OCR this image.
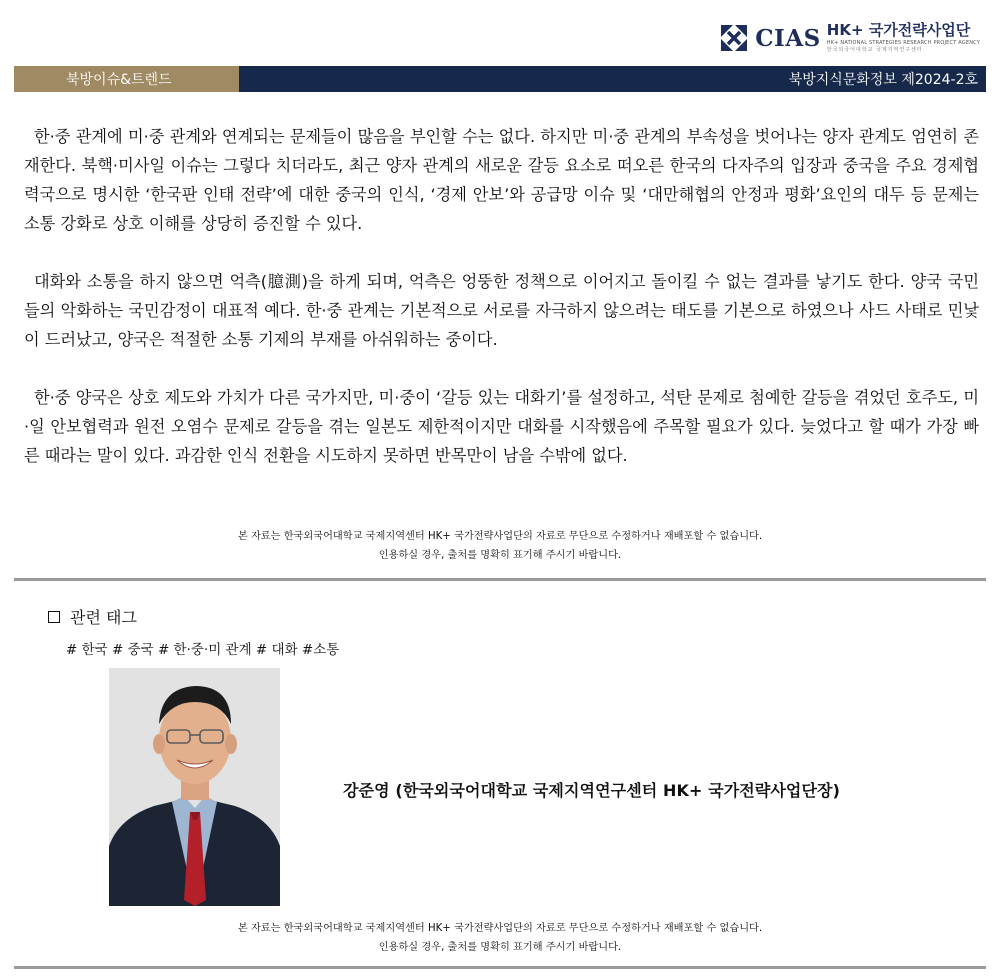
CIAS HK+ 국가전략사업단
HK+ NATIONAL STRATEGIES RESEARCH PROJECT AGENCY
한국외국어대학교 국제지역연구센터
북방이슈&트렌드	북방지식문화정보 제2024-2호

한·중 관계에 미·중 관계와 연계되는 문제들이 많음을 부인할 수는 없다. 하지만 미·중 관계의 부속성을 벗어나는 양자 관계도 엄연히 존재한다. 북핵·미사일 이슈는 그렇다 치더라도, 최근 양자 관계의 새로운 갈등 요소로 떠오른 한국의 다자주의 입장과 중국을 주요 경제협력국으로 명시한 ‘한국판 인태 전략’에 대한 중국의 인식, ‘경제 안보’와 공급망 이슈 및 ‘대만해협의 안정과 평화’요인의 대두 등 문제는 소통 강화로 상호 이해를 상당히 증진할 수 있다.

대화와 소통을 하지 않으면 억측(臆測)을 하게 되며, 억측은 엉뚱한 정책으로 이어지고 돌이킬 수 없는 결과를 낳기도 한다. 양국 국민들의 악화하는 국민감정이 대표적 예다. 한·중 관계는 기본적으로 서로를 자극하지 않으려는 태도를 기본으로 하였으나 사드 사태로 민낯이 드러났고, 양국은 적절한 소통 기제의 부재를 아쉬워하는 중이다.

한·중 양국은 상호 제도와 가치가 다른 국가지만, 미·중이 ‘갈등 있는 대화기’를 설정하고, 석탄 문제로 첨예한 갈등을 겪었던 호주도, 미·일 안보협력과 원전 오염수 문제로 갈등을 겪는 일본도 제한적이지만 대화를 시작했음에 주목할 필요가 있다. 늦었다고 할 때가 가장 빠른 때라는 말이 있다. 과감한 인식 전환을 시도하지 못하면 반목만이 남을 수밖에 없다.

본 자료는 한국외국어대학교 국제지역센터 HK+ 국가전략사업단의 자료로 무단으로 수정하거나 재배포할 수 없습니다.
인용하실 경우, 출처를 명확히 표기해 주시기 바랍니다.
관련 태그
# 한국 # 중국 # 한·중·미 관계 # 대화 #소통
강준영 (한국외국어대학교 국제지역연구센터 HK+ 국가전략사업단장)
본 자료는 한국외국어대학교 국제지역센터 HK+ 국가전략사업단의 자료로 무단으로 수정하거나 재배포할 수 없습니다.
인용하실 경우, 출처를 명확히 표기해 주시기 바랍니다.
